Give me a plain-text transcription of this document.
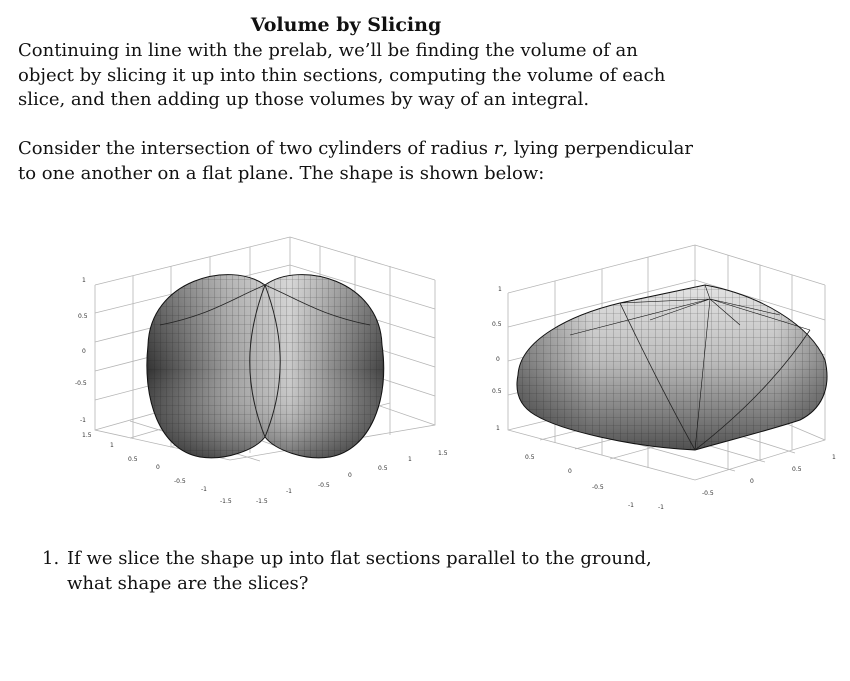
Volume by Slicing
Continuing in line with the prelab, we’ll be finding the volume of an object by slicing it up into thin sections, computing the volume of each slice, and then adding up those volumes by way of an integral.
Consider the intersection of two cylinders of radius r, lying perpendicular to one another on a flat plane. The shape is shown below:
1
0.5
0
-0.5
-1
1.5
1
0.5
0
-0.5
-1
-1.5	-1.5
-1
-0.5
0
0.5
1
1.5
1
0.5
0
0.5
1
0.5
0
-0.5
-1	-1
-0.5
0
0.5
1
1. If we slice the shape up into flat sections parallel to the ground, what shape are the slices?
